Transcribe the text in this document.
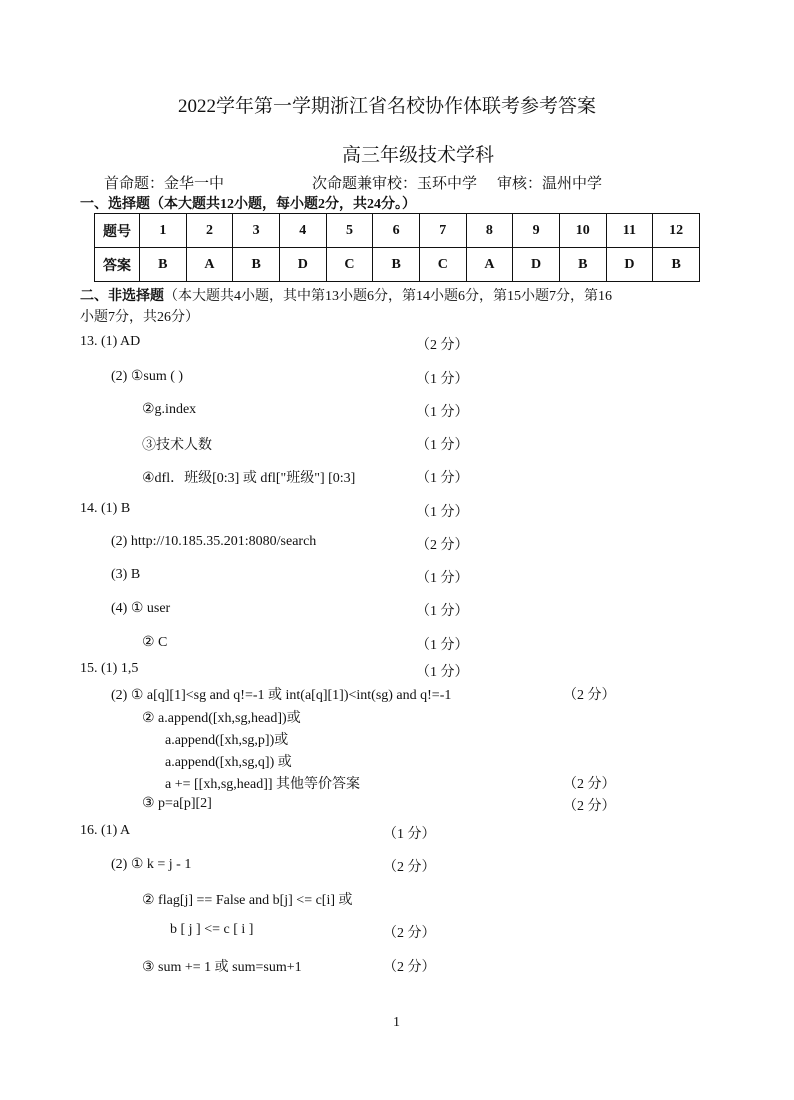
2022学年第一学期浙江省名校协作体联考参考答案
高三年级技术学科
首命题：金华一中	次命题兼审校：玉环中学 审核：温州中学
一、选择题（本大题共12小题，每小题2分，共24分。）
题号	1	2	3	4	5	6	7	8	9	10	11	12
答案	B	A	B	D	C	B	C	A	D	B	D	B
二、非选择题（本大题共4小题，其中第13小题6分，第14小题6分，第15小题7分，第16
小题7分，共26分）
13. (1) AD	（2 分）
(2) ①sum ( )	（1 分）
②g.index	（1 分）
③技术人数	（1 分）
④dfl．班级[0:3] 或 dfl["班级"] [0:3]	（1 分）
14. (1) B	（1 分）
(2) http://10.185.35.201:8080/search	（2 分）
(3) B	（1 分）
(4) ① user	（1 分）
② C	（1 分）
15. (1) 1,5	（1 分）
(2) ① a[q][1]<sg and q!=-1 或 int(a[q][1])<int(sg) and q!=-1	（2 分）
② a.append([xh,sg,head])或
a.append([xh,sg,p])或
a.append([xh,sg,q]) 或
a += [[xh,sg,head]] 其他等价答案	（2 分）
③ p=a[p][2]	（2 分）
16. (1) A	（1 分）
(2) ① k = j - 1	（2 分）
② flag[j] == False and b[j] <= c[i] 或
b [ j ] <= c [ i ]	（2 分）
③ sum += 1 或 sum=sum+1	（2 分）
1
